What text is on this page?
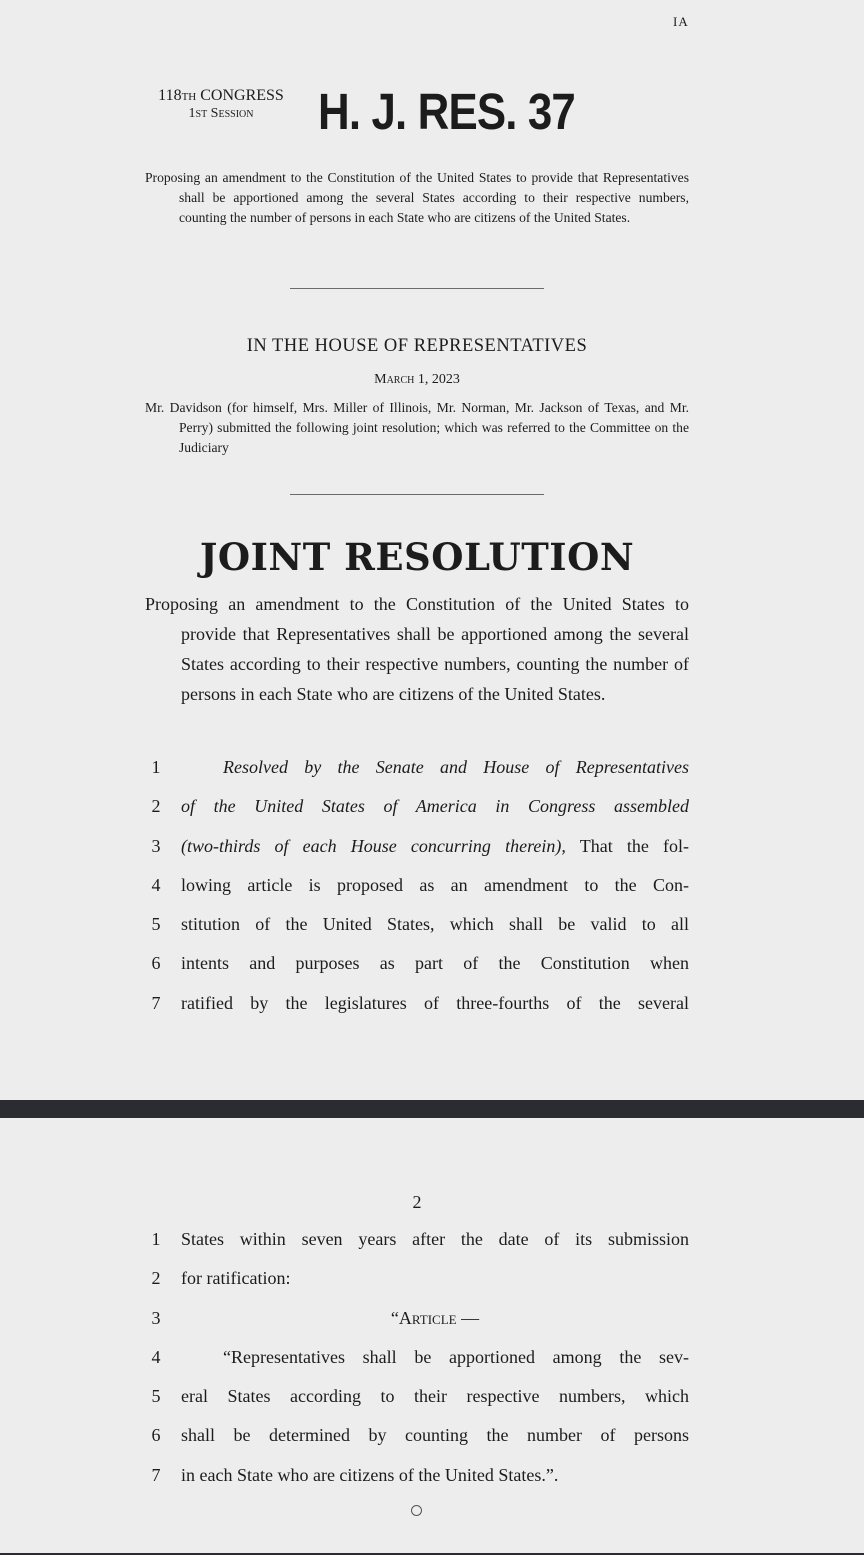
IA
118th CONGRESS
1st Session	H. J. RES. 37
Proposing an amendment to the Constitution of the United States to provide that Representatives shall be apportioned among the several States according to their respective numbers, counting the number of persons in each State who are citizens of the United States.
IN THE HOUSE OF REPRESENTATIVES
March 1, 2023
Mr. Davidson (for himself, Mrs. Miller of Illinois, Mr. Norman, Mr. Jackson of Texas, and Mr. Perry) submitted the following joint resolution; which was referred to the Committee on the Judiciary
JOINT RESOLUTION
Proposing an amendment to the Constitution of the United States to provide that Representatives shall be apportioned among the several States according to their respective numbers, counting the number of persons in each State who are citizens of the United States.
1	Resolved by the Senate and House of Representatives
2	of the United States of America in Congress assembled
3	(two-thirds of each House concurring therein), That the fol-
4	lowing article is proposed as an amendment to the Con-
5	stitution of the United States, which shall be valid to all
6	intents and purposes as part of the Constitution when
7	ratified by the legislatures of three-fourths of the several
2
1	States within seven years after the date of its submission
2	for ratification:
3	“Article —
4	“Representatives shall be apportioned among the sev-
5	eral States according to their respective numbers, which
6	shall be determined by counting the number of persons
7	in each State who are citizens of the United States.”.
